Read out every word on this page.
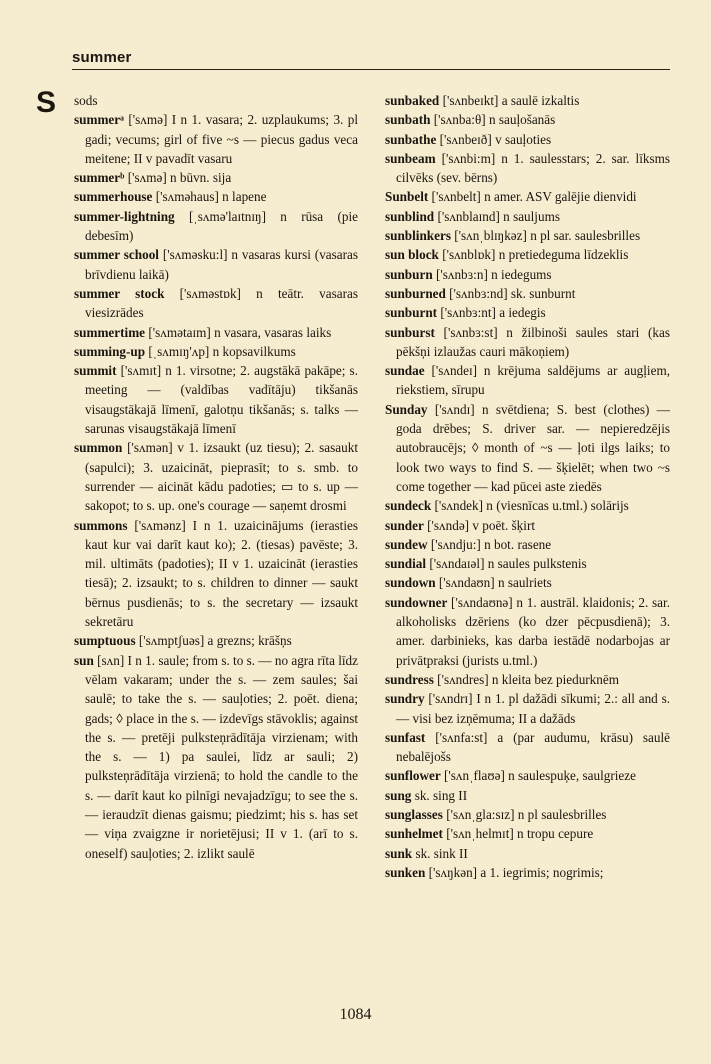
summer
S sods

summerᵃ ['sʌmə] I n 1. vasara; 2. uzplaukums; 3. pl gadi; vecums; girl of five ~s — piecus gadus veca meitene; II v pavadīt vasaru

summerᵇ ['sʌmə] n būvn. sija

summerhouse ['sʌməhaus] n lapene

summer-lightning [ˌsʌmə'laɪtnɪŋ] n rūsa (pie debesīm)

summer school ['sʌməsku:l] n vasaras kursi (vasaras brīvdienu laikā)

summer stock ['sʌməstɒk] n teātr. vasaras viesizrādes

summertime ['sʌmətaɪm] n vasara, vasaras laiks

summing-up [ˌsʌmɪŋ'ʌp] n kopsavilkums

summit ['sʌmɪt] n 1. virsotne; 2. augstākā pakāpe; s. meeting — (valdības vadītāju) tikšanās visaugstākajā līmenī, galotņu tikšanās; s. talks — sarunas visaugstākajā līmenī

summon ['sʌmən] v 1. izsaukt (uz tiesu); 2. sasaukt (sapulci); 3. uzaicināt, pieprasīt; to s. smb. to surrender — aicināt kādu padoties; ▭ to s. up — sakopot; to s. up. one's courage — saņemt drosmi

summons ['sʌmənz] I n 1. uzaicinājums (ierasties kaut kur vai darīt kaut ko); 2. (tiesas) pavēste; 3. mil. ultimāts (padoties); II v 1. uzaicināt (ierasties tiesā); 2. izsaukt; to s. children to dinner — saukt bērnus pusdienās; to s. the secretary — izsaukt sekretāru

sumptuous ['sʌmptʃuəs] a grezns; krāšņs

sun [sʌn] I n 1. saule; from s. to s. — no agra rīta līdz vēlam vakaram; under the s. — zem saules; šai saulē; to take the s. — sauļoties; 2. poēt. diena; gads; ◊ place in the s. — izdevīgs stāvoklis; against the s. — pretēji pulksteņrādītāja virzienam; with the s. — 1) pa saulei, līdz ar sauli; 2) pulksteņrādītāja virzienā; to hold the candle to the s. — darīt kaut ko pilnīgi nevajadzīgu; to see the s. — ieraudzīt dienas gaismu; piedzimt; his s. has set — viņa zvaigzne ir norietējusi; II v 1. (arī to s. oneself) sauļoties; 2. izlikt saulē

sunbaked ['sʌnbeɪkt] a saulē izkaltis

sunbath ['sʌnba:θ] n sauļošanās

sunbathe ['sʌnbeɪð] v sauļoties

sunbeam ['sʌnbi:m] n 1. saulesstars; 2. sar. līksms cilvēks (sev. bērns)

Sunbelt ['sʌnbelt] n amer. ASV galējie dienvidi

sunblind ['sʌnblaɪnd] n sauljums

sunblinkers ['sʌnˌblɪŋkəz] n pl sar. saulesbrilles

sun block ['sʌnblɒk] n pretiedeguma līdzeklis

sunburn ['sʌnbɜ:n] n iedegums

sunburned ['sʌnbɜ:nd] sk. sunburnt

sunburnt ['sʌnbɜ:nt] a iedegis

sunburst ['sʌnbɜ:st] n žilbinoši saules stari (kas pēkšņi izlaužas cauri mākoņiem)

sundae ['sʌndeɪ] n krējuma saldējums ar augļiem, riekstiem, sīrupu

Sunday ['sʌndɪ] n svētdiena; S. best (clothes) — goda drēbes; S. driver sar. — nepieredzējis autobraucējs; ◊ month of ~s — ļoti ilgs laiks; to look two ways to find S. — šķielēt; when two ~s come together — kad pūcei aste ziedēs

sundeck ['sʌndek] n (viesnīcas u.tml.) solārijs

sunder ['sʌndə] v poēt. šķirt

sundew ['sʌndju:] n bot. rasene

sundial ['sʌndaɪəl] n saules pulkstenis

sundown ['sʌndaʊn] n saulriets

sundowner ['sʌndaʊnə] n 1. austrāl. klaidonis; 2. sar. alkoholisks dzēriens (ko dzer pēcpusdienā); 3. amer. darbinieks, kas darba iestādē nodarbojas ar privātpraksi (jurists u.tml.)

sundress ['sʌndres] n kleita bez piedurknēm

sundry ['sʌndrɪ] I n 1. pl dažādi sīkumi; 2.: all and s. — visi bez izņēmuma; II a dažāds

sunfast ['sʌnfa:st] a (par audumu, krāsu) saulē nebalējošs

sunflower ['sʌnˌflaʊə] n saulespuķe, saulgrieze

sung sk. sing II

sunglasses ['sʌnˌgla:sɪz] n pl saulesbrilles

sunhelmet ['sʌnˌhelmɪt] n tropu cepure

sunk sk. sink II

sunken ['sʌŋkən] a 1. iegrimis; nogrimis;

1084
